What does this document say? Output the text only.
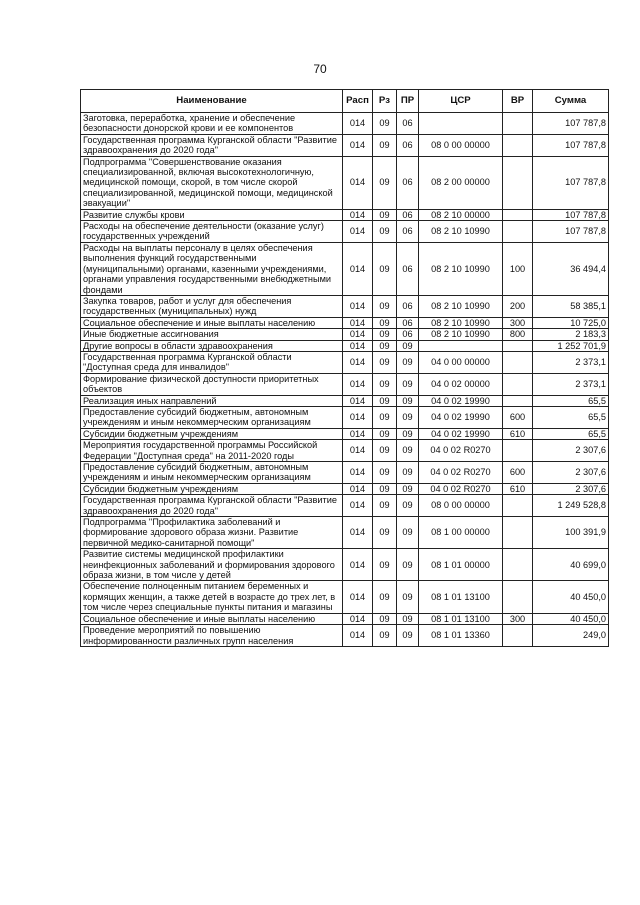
70
Наименование	Расп	Рз	ПР	ЦСР	ВР	Сумма
Заготовка, переработка, хранение и обеспечение безопасности донорской крови и ее компонентов	014	09	06			107 787,8
Государственная программа Курганской области "Развитие здравоохранения до 2020 года"	014	09	06	08 0 00 00000		107 787,8
Подпрограмма "Совершенствование оказания специализированной, включая высокотехнологичную, медицинской помощи, скорой, в том числе скорой специализированной, медицинской помощи, медицинской эвакуации"	014	09	06	08 2 00 00000		107 787,8
Развитие службы крови	014	09	06	08 2 10 00000		107 787,8
Расходы на обеспечение деятельности (оказание услуг) государственных учреждений	014	09	06	08 2 10 10990		107 787,8
Расходы на выплаты персоналу в целях обеспечения выполнения функций государственными (муниципальными) органами, казенными учреждениями, органами управления государственными внебюджетными фондами	014	09	06	08 2 10 10990	100	36 494,4
Закупка товаров, работ и услуг для обеспечения государственных (муниципальных) нужд	014	09	06	08 2 10 10990	200	58 385,1
Социальное обеспечение и иные выплаты населению	014	09	06	08 2 10 10990	300	10 725,0
Иные бюджетные ассигнования	014	09	06	08 2 10 10990	800	2 183,3
Другие вопросы в области здравоохранения	014	09	09			1 252 701,9
Государственная программа Курганской области "Доступная среда для инвалидов"	014	09	09	04 0 00 00000		2 373,1
Формирование физической доступности приоритетных объектов	014	09	09	04 0 02 00000		2 373,1
Реализация иных направлений	014	09	09	04 0 02 19990		65,5
Предоставление субсидий бюджетным, автономным учреждениям и иным некоммерческим организациям	014	09	09	04 0 02 19990	600	65,5
Субсидии бюджетным учреждениям	014	09	09	04 0 02 19990	610	65,5
Мероприятия государственной программы Российской Федерации "Доступная среда" на 2011-2020 годы	014	09	09	04 0 02 R0270		2 307,6
Предоставление субсидий бюджетным, автономным учреждениям и иным некоммерческим организациям	014	09	09	04 0 02 R0270	600	2 307,6
Субсидии бюджетным учреждениям	014	09	09	04 0 02 R0270	610	2 307,6
Государственная программа Курганской области "Развитие здравоохранения до 2020 года"	014	09	09	08 0 00 00000		1 249 528,8
Подпрограмма "Профилактика заболеваний и формирование здорового образа жизни. Развитие первичной медико-санитарной помощи"	014	09	09	08 1 00 00000		100 391,9
Развитие системы медицинской профилактики неинфекционных заболеваний и формирования здорового образа жизни, в том числе у детей	014	09	09	08 1 01 00000		40 699,0
Обеспечение полноценным питанием беременных и кормящих женщин, а также детей в возрасте до трех лет, в том числе через специальные пункты питания и магазины	014	09	09	08 1 01 13100		40 450,0
Социальное обеспечение и иные выплаты населению	014	09	09	08 1 01 13100	300	40 450,0
Проведение мероприятий по повышению информированности различных групп населения	014	09	09	08 1 01 13360		249,0
